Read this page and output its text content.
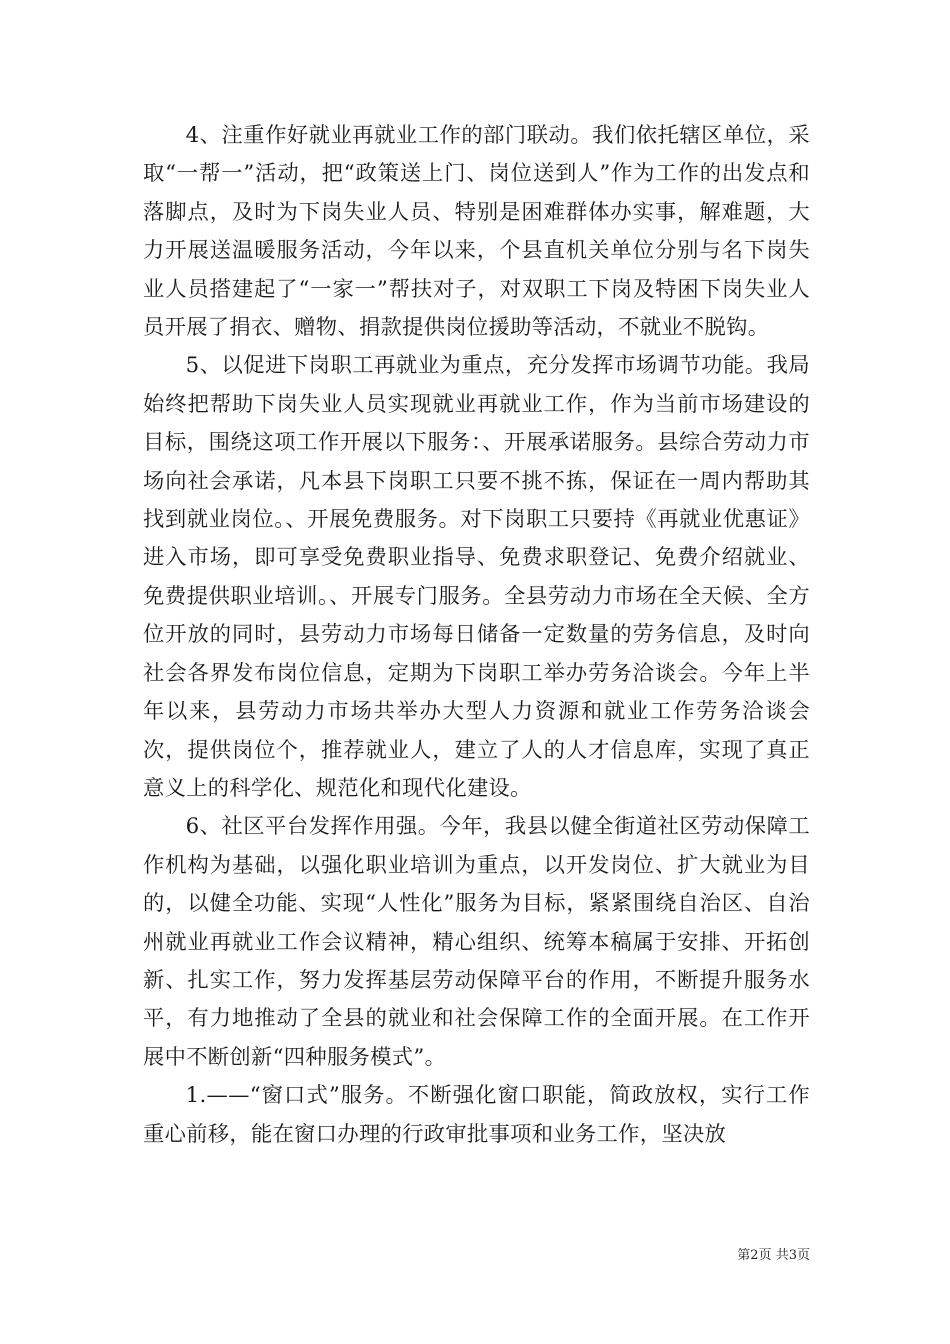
4、注重作好就业再就业工作的部门联动。我们依托辖区单位，采取“一帮一”活动，把“政策送上门、岗位送到人”作为工作的出发点和落脚点，及时为下岗失业人员、特别是困难群体办实事，解难题，大力开展送温暖服务活动，今年以来，个县直机关单位分别与名下岗失业人员搭建起了“一家一”帮扶对子，对双职工下岗及特困下岗失业人员开展了捐衣、赠物、捐款提供岗位援助等活动，不就业不脱钩。

5、以促进下岗职工再就业为重点，充分发挥市场调节功能。我局始终把帮助下岗失业人员实现就业再就业工作，作为当前市场建设的目标，围绕这项工作开展以下服务：、开展承诺服务。县综合劳动力市场向社会承诺，凡本县下岗职工只要不挑不拣，保证在一周内帮助其找到就业岗位。、开展免费服务。对下岗职工只要持《再就业优惠证》进入市场，即可享受免费职业指导、免费求职登记、免费介绍就业、免费提供职业培训。、开展专门服务。全县劳动力市场在全天候、全方位开放的同时，县劳动力市场每日储备一定数量的劳务信息，及时向社会各界发布岗位信息，定期为下岗职工举办劳务洽谈会。今年上半年以来，县劳动力市场共举办大型人力资源和就业工作劳务洽谈会次，提供岗位个，推荐就业人，建立了人的人才信息库，实现了真正意义上的科学化、规范化和现代化建设。

6、社区平台发挥作用强。今年，我县以健全街道社区劳动保障工作机构为基础，以强化职业培训为重点，以开发岗位、扩大就业为目的，以健全功能、实现“人性化”服务为目标，紧紧围绕自治区、自治州就业再就业工作会议精神，精心组织、统筹本稿属于安排、开拓创新、扎实工作，努力发挥基层劳动保障平台的作用，不断提升服务水平，有力地推动了全县的就业和社会保障工作的全面开展。在工作开展中不断创新“四种服务模式”。

1.——“窗口式”服务。不断强化窗口职能，简政放权，实行工作重心前移，能在窗口办理的行政审批事项和业务工作，坚决放

第2页 共3页
